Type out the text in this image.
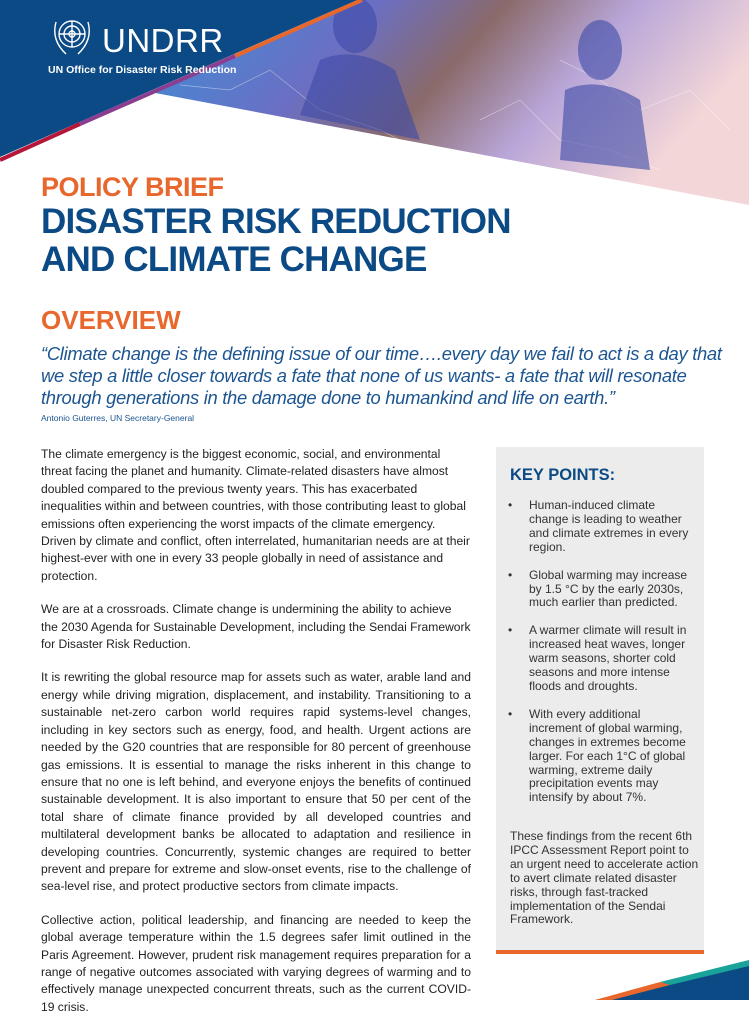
UNDRR
UN Office for Disaster Risk Reduction
POLICY BRIEF
DISASTER RISK REDUCTION
AND CLIMATE CHANGE
OVERVIEW
“Climate change is the defining issue of our time….every day we fail to act is a day that we step a little closer towards a fate that none of us wants- a fate that will resonate through generations in the damage done to humankind and life on earth.”
Antonio Guterres, UN Secretary-General

The climate emergency is the biggest economic, social, and environmental threat facing the planet and humanity. Climate-related disasters have almost doubled compared to the previous twenty years. This has exacerbated inequalities within and between countries, with those contributing least to global emissions often experiencing the worst impacts of the climate emergency. Driven by climate and conflict, often interrelated, humanitarian needs are at their highest-ever with one in every 33 people globally in need of assistance and protection.

We are at a crossroads. Climate change is undermining the ability to achieve the 2030 Agenda for Sustainable Development, including the Sendai Framework for Disaster Risk Reduction.

It is rewriting the global resource map for assets such as water, arable land and energy while driving migration, displacement, and instability. Transitioning to a sustainable net-zero carbon world requires rapid systems-level changes, including in key sectors such as energy, food, and health. Urgent actions are needed by the G20 countries that are responsible for 80 percent of greenhouse gas emissions. It is essential to manage the risks inherent in this change to ensure that no one is left behind, and everyone enjoys the benefits of continued sustainable development. It is also important to ensure that 50 per cent of the total share of climate finance provided by all developed countries and multilateral development banks be allocated to adaptation and resilience in developing countries. Concurrently, systemic changes are required to better prevent and prepare for extreme and slow-onset events, rise to the challenge of sea-level rise, and protect productive sectors from climate impacts.

Collective action, political leadership, and financing are needed to keep the global average temperature within the 1.5 degrees safer limit outlined in the Paris Agreement. However, prudent risk management requires preparation for a range of negative outcomes associated with varying degrees of warming and to effectively manage unexpected concurrent threats, such as the current COVID-19 crisis.

KEY POINTS:
• Human-induced climate change is leading to weather and climate extremes in every region.
• Global warming may increase by 1.5 °C by the early 2030s, much earlier than predicted.
• A warmer climate will result in increased heat waves, longer warm seasons, shorter cold seasons and more intense floods and droughts.
• With every additional increment of global warming, changes in extremes become larger. For each 1°C of global warming, extreme daily precipitation events may intensify by about 7%.
These findings from the recent 6th IPCC Assessment Report point to an urgent need to accelerate action to avert climate related disaster risks, through fast-tracked implementation of the Sendai Framework.
